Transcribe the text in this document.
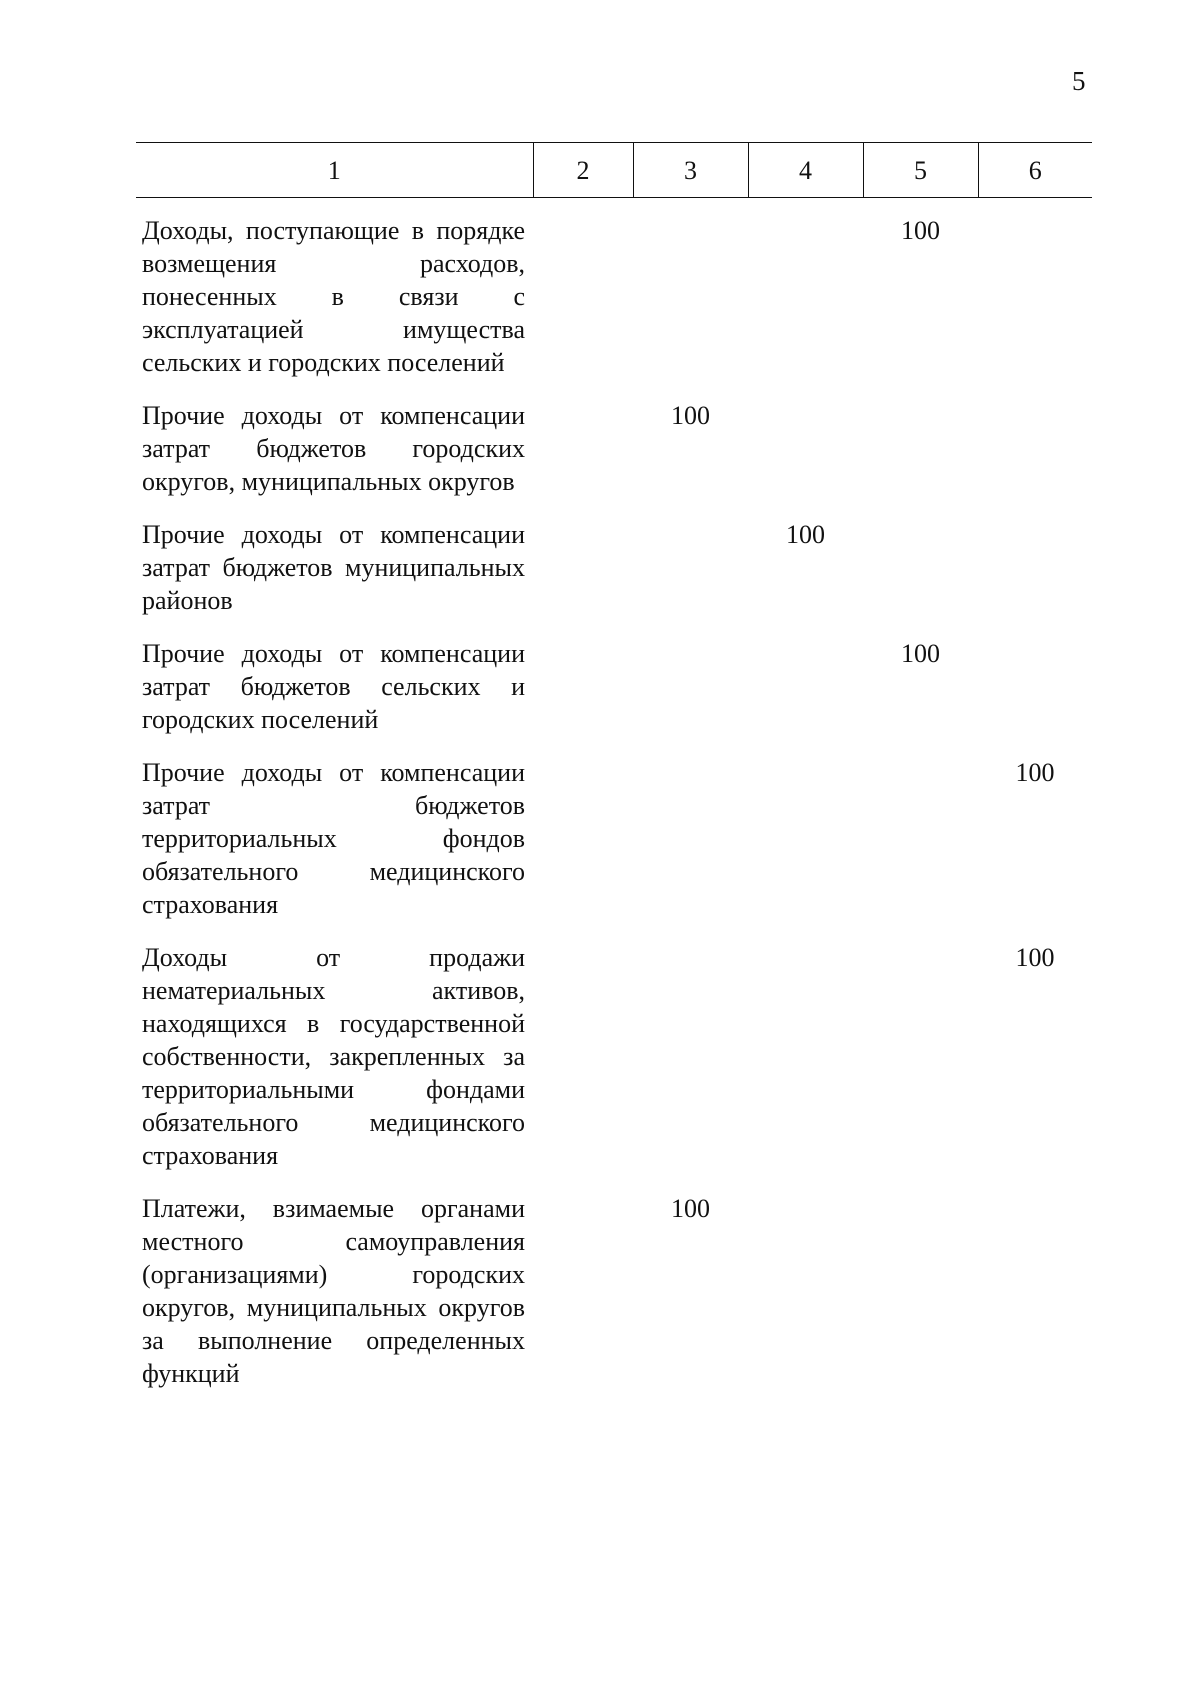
5
1	2	3	4	5	6
Доходы, поступающие в порядке возмещения расходов, понесенных в связи с эксплуатацией имущества сельских и городских поселений				100	
Прочие доходы от компенсации затрат бюджетов городских округов, муниципальных округов		100			
Прочие доходы от компенсации затрат бюджетов муниципальных районов			100		
Прочие доходы от компенсации затрат бюджетов сельских и городских поселений				100	
Прочие доходы от компенсации затрат бюджетов территориальных фондов обязательного медицинского страхования					100
Доходы от продажи нематериальных активов, находящихся в государственной собственности, закрепленных за территориальными фондами обязательного медицинского страхования					100
Платежи, взимаемые органами местного самоуправления (организациями) городских округов, муниципальных округов за выполнение определенных функций		100			
